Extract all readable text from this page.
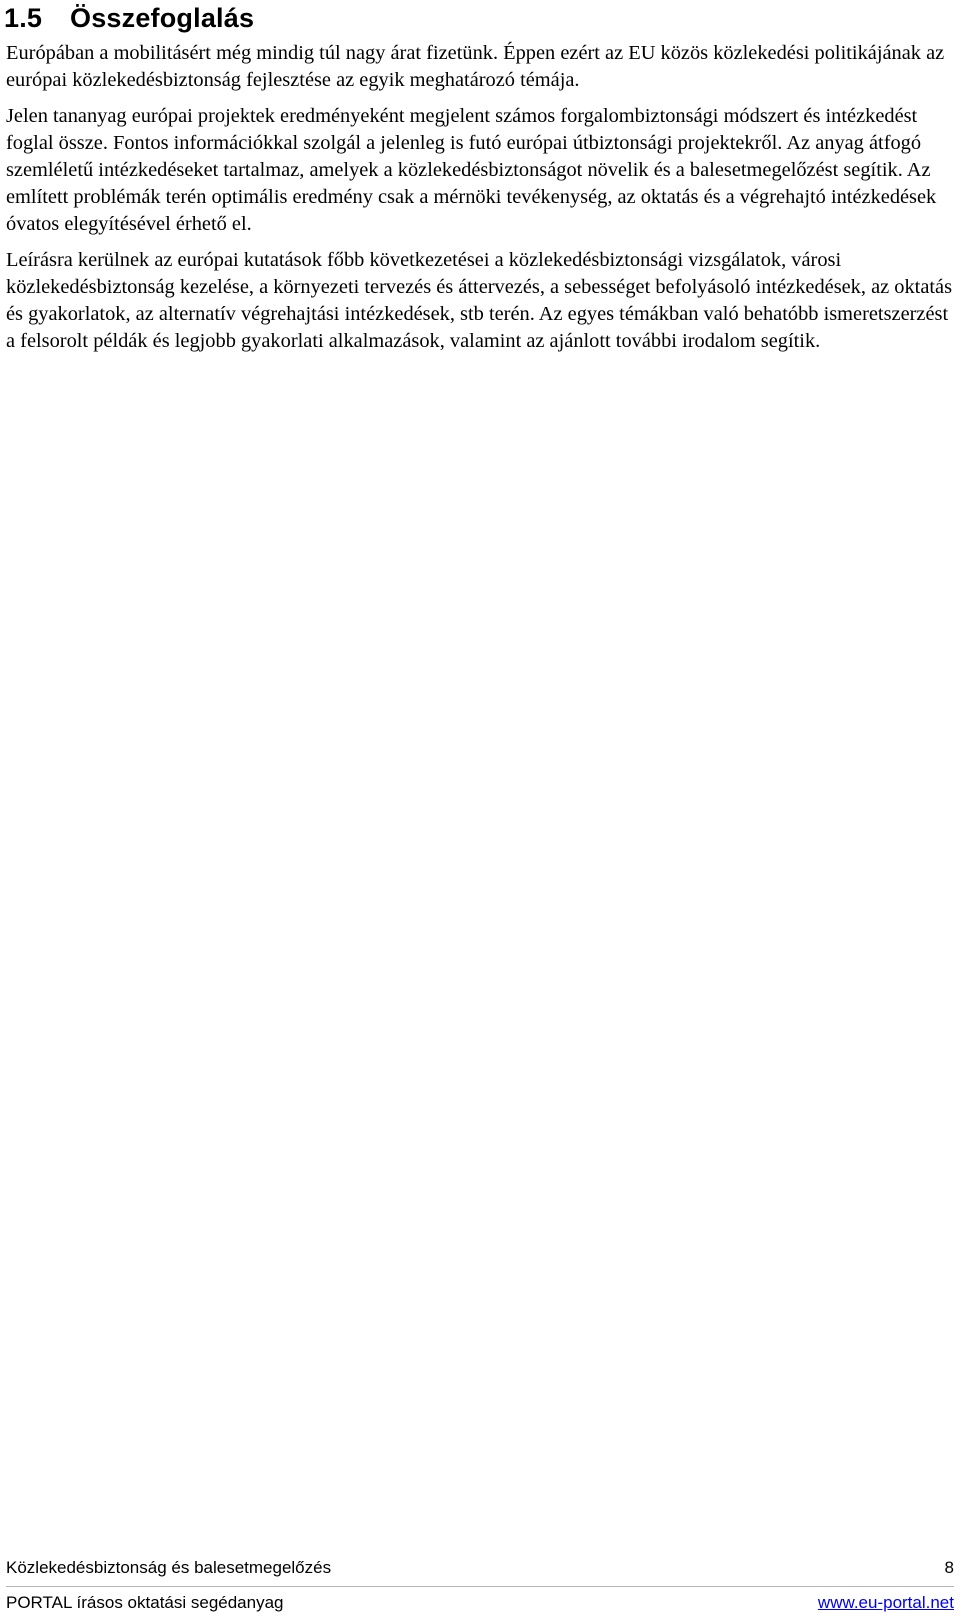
1.5 Összefoglalás

Európában a mobilitásért még mindig túl nagy árat fizetünk. Éppen ezért az EU közös közlekedési politikájának az európai közlekedésbiztonság fejlesztése az egyik meghatározó témája.

Jelen tananyag európai projektek eredményeként megjelent számos forgalombiztonsági módszert és intézkedést foglal össze. Fontos információkkal szolgál a jelenleg is futó európai útbiztonsági projektekről. Az anyag átfogó szemléletű intézkedéseket tartalmaz, amelyek a közlekedésbiztonságot növelik és a balesetmegelőzést segítik. Az említett problémák terén optimális eredmény csak a mérnöki tevékenység, az oktatás és a végrehajtó intézkedések óvatos elegyítésével érhető el.

Leírásra kerülnek az európai kutatások főbb következetései a közlekedésbiztonsági vizsgálatok, városi közlekedésbiztonság kezelése, a környezeti tervezés és áttervezés, a sebességet befolyásoló intézkedések, az oktatás és gyakorlatok, az alternatív végrehajtási intézkedések, stb terén. Az egyes témákban való behatóbb ismeretszerzést a felsorolt példák és legjobb gyakorlati alkalmazások, valamint az ajánlott további irodalom segítik.

Közlekedésbiztonság és balesetmegelőzés	8
PORTAL írásos oktatási segédanyag	www.eu-portal.net
